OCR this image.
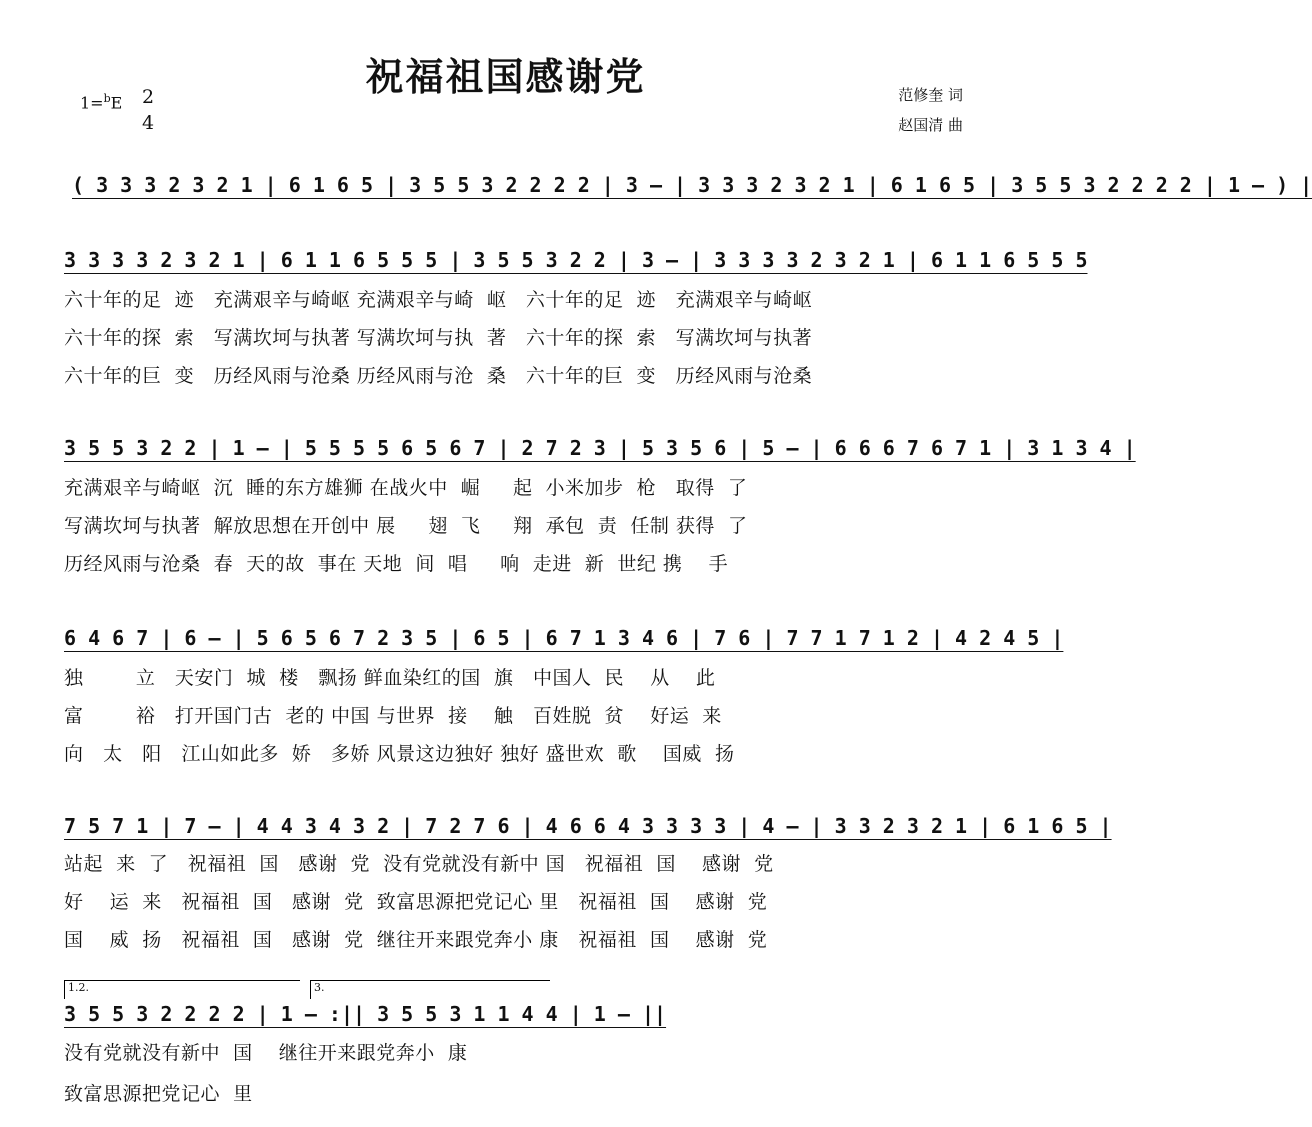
祝福祖国感谢党
1=$^b$E 2
4
范修奎 词
赵国清 曲
( 3 3 3 2 3 2 1 | 6 1 6 5 | 3 5 5 3 2 2 2 2 | 3 — | 3 3 3 2 3 2 1 | 6 1 6 5 | 3 5 5 3 2 2 2 2 | 1 — ) |
3 3 3 3 2 3 2 1 | 6 1 1 6 5 5 5 | 3 5 5 3 2 2 | 3 — | 3 3 3 3 2 3 2 1 | 6 1 1 6 5 5 5
六十年的足  迹   充满艰辛与崎岖 充满艰辛与崎  岖   六十年的足  迹   充满艰辛与崎岖
六十年的探  索   写满坎坷与执著 写满坎坷与执  著   六十年的探  索   写满坎坷与执著
六十年的巨  变   历经风雨与沧桑 历经风雨与沧  桑   六十年的巨  变   历经风雨与沧桑
3 5 5 3 2 2 | 1 — | 5 5 5 5 6 5 6 7 | 2 7 2 3 | 5 3 5 6 | 5 — | 6 6 6 7 6 7 1 | 3 1 3 4 |
充满艰辛与崎岖  沉  睡的东方雄狮 在战火中  崛     起  小米加步  枪   取得  了
写满坎坷与执著  解放思想在开创中 展     翅  飞     翔  承包  责  任制 获得  了
历经风雨与沧桑  春  天的故  事在 天地  间  唱     响  走进  新  世纪 携    手
6 4 6 7 | 6 — | 5 6 5 6 7 2 3 5 | 6 5 | 6 7 1 3 4 6 | 7 6 | 7 7 1 7 1 2 | 4 2 4 5 |
独        立   天安门  城  楼   飘扬 鲜血染红的国  旗   中国人  民    从    此
富        裕   打开国门古  老的 中国 与世界  接    触   百姓脱  贫    好运  来
向   太   阳   江山如此多  娇   多娇 风景这边独好 独好 盛世欢  歌    国威  扬
7 5 7 1 | 7 — | 4 4 3 4 3 2 | 7 2 7 6 | 4 6 6 4 3 3 3 3 | 4 — | 3 3 2 3 2 1 | 6 1 6 5 |
站起  来  了   祝福祖  国   感谢  党  没有党就没有新中 国   祝福祖  国    感谢  党
好    运  来   祝福祖  国   感谢  党  致富思源把党记心 里   祝福祖  国    感谢  党
国    威  扬   祝福祖  国   感谢  党  继往开来跟党奔小 康   祝福祖  国    感谢  党
1.2.	3.
3 5 5 3 2 2 2 2 | 1 — :|| 3 5 5 3 1 1 4 4 | 1 — ||
没有党就没有新中  国    继往开来跟党奔小  康
致富思源把党记心  里
